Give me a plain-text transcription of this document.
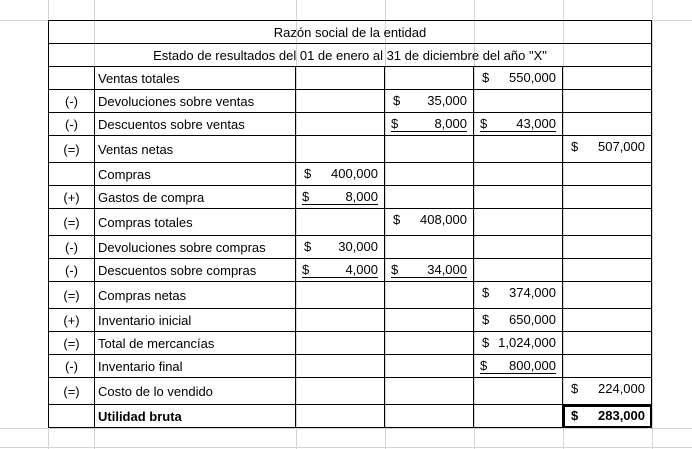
Razón social de la entidad					
Estado de resultados del 01 de enero al 31 de diciembre del año "X"					
	Ventas totales			$ 550,000	

(-)	Devoluciones sobre ventas		$ 35,000		

(-)	Descuentos sobre ventas		$ 8,000	$ 43,000	

(=)	Ventas netas				$ 507,000

	Compras	$ 400,000			

(+)	Gastos de compra	$ 8,000			

(=)	Compras totales		$ 408,000		

(-)	Devoluciones sobre compras	$ 30,000			

(-)	Descuentos sobre compras	$ 4,000	$ 34,000		

(=)	Compras netas			$ 374,000	

(+)	Inventario inicial			$ 650,000	

(=)	Total de mercancías			$ 1,024,000	

(-)	Inventario final			$ 800,000	

(=)	Costo de lo vendido				$ 224,000

	Utilidad bruta				$ 283,000
